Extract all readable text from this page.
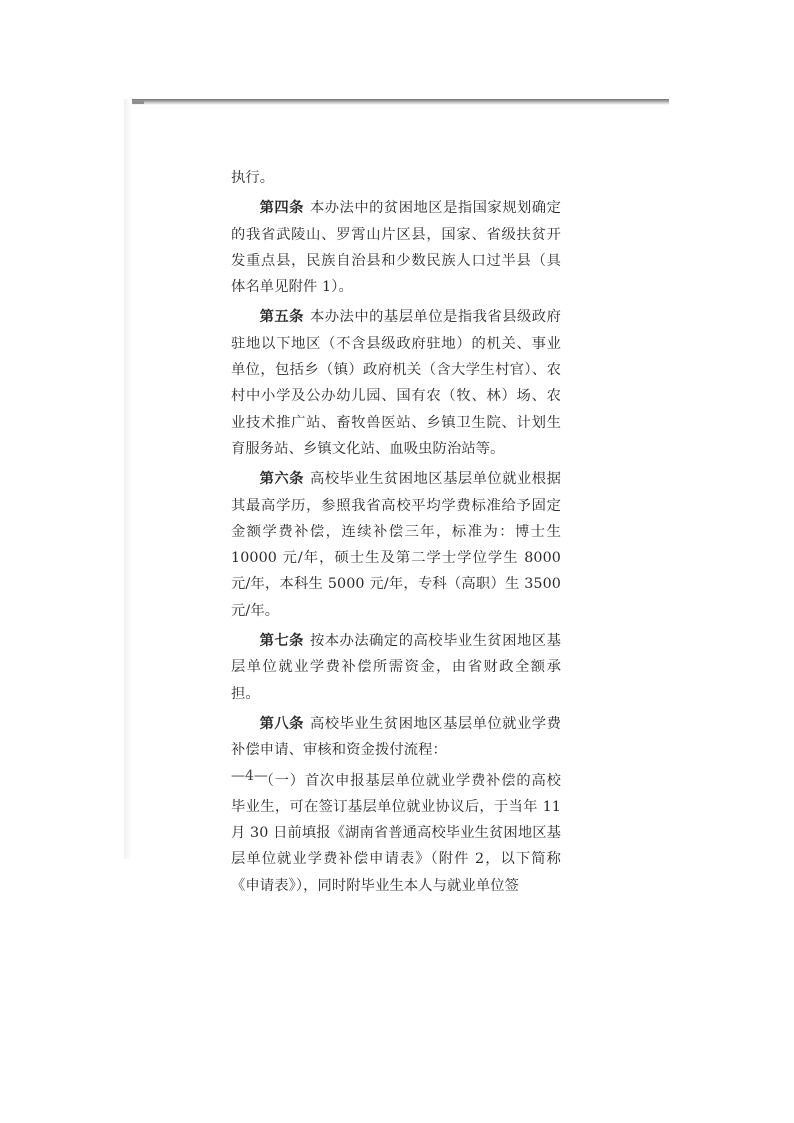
执行。

第四条 本办法中的贫困地区是指国家规划确定的我省武陵山、罗霄山片区县，国家、省级扶贫开发重点县，民族自治县和少数民族人口过半县（具体名单见附件 1）。

第五条 本办法中的基层单位是指我省县级政府驻地以下地区（不含县级政府驻地）的机关、事业单位，包括乡（镇）政府机关（含大学生村官）、农村中小学及公办幼儿园、国有农（牧、林）场、农业技术推广站、畜牧兽医站、乡镇卫生院、计划生育服务站、乡镇文化站、血吸虫防治站等。

第六条 高校毕业生贫困地区基层单位就业根据其最高学历，参照我省高校平均学费标准给予固定金额学费补偿，连续补偿三年，标准为：博士生 10000 元/年，硕士生及第二学士学位学生 8000 元/年，本科生 5000 元/年，专科（高职）生 3500 元/年。

第七条 按本办法确定的高校毕业生贫困地区基层单位就业学费补偿所需资金，由省财政全额承担。

第八条 高校毕业生贫困地区基层单位就业学费补偿申请、审核和资金拨付流程：

（一）首次申报基层单位就业学费补偿的高校毕业生，可在签订基层单位就业协议后，于当年 11 月 30 日前填报《湖南省普通高校毕业生贫困地区基层单位就业学费补偿申请表》（附件 2，以下简称《申请表》），同时附毕业生本人与就业单位签

—4—
